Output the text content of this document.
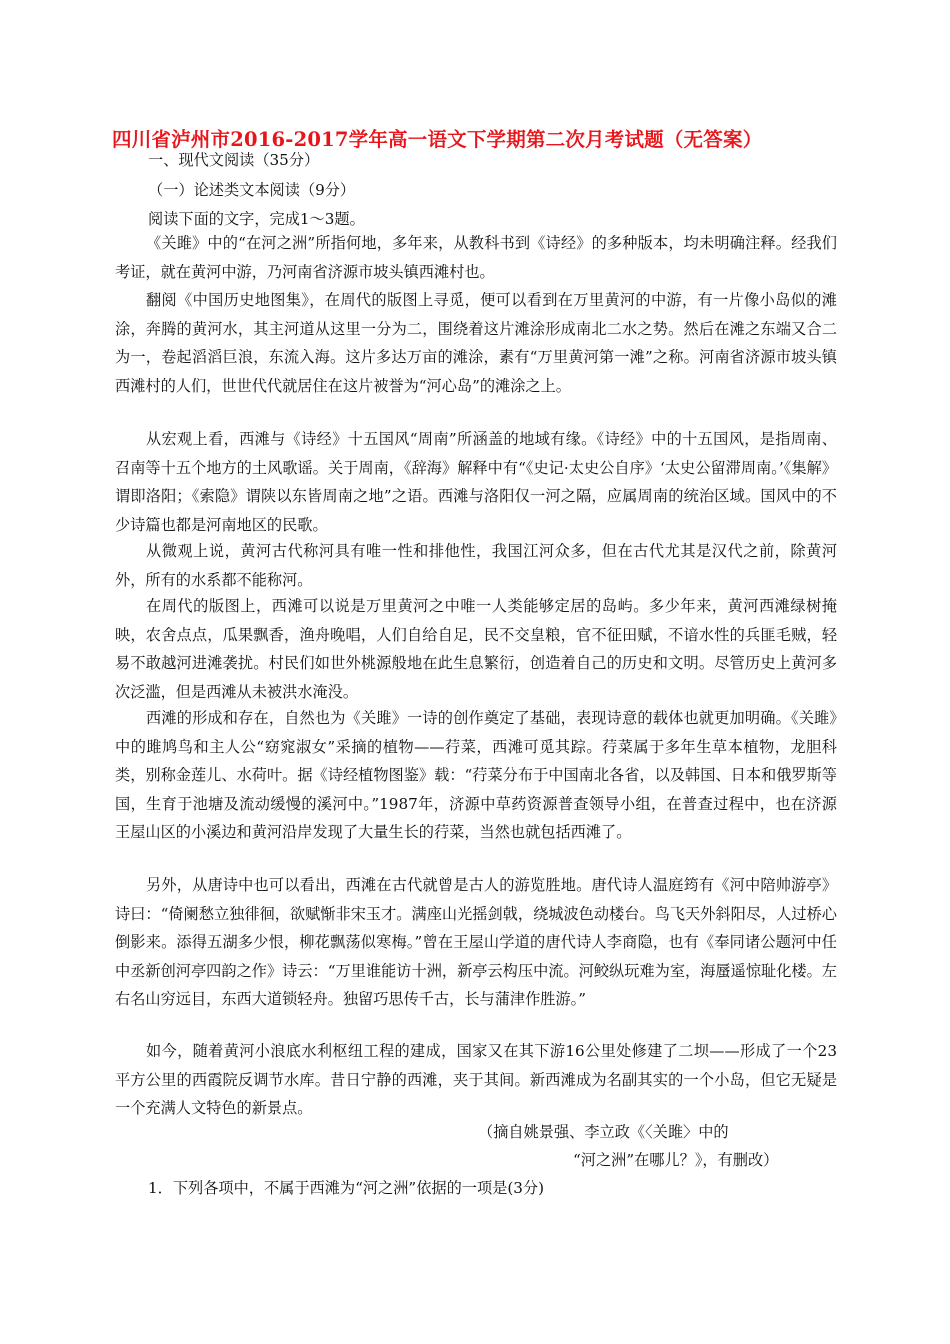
四川省泸州市2016-2017学年高一语文下学期第二次月考试题（无答案）
一、现代文阅读（35分）
（一）论述类文本阅读（9分）
阅读下面的文字，完成1～3题。
《关雎》中的“在河之洲”所指何地，多年来，从教科书到《诗经》的多种版本，均未明确注释。经我们考证，就在黄河中游，乃河南省济源市坡头镇西滩村也。
翻阅《中国历史地图集》，在周代的版图上寻觅，便可以看到在万里黄河的中游，有一片像小岛似的滩涂，奔腾的黄河水，其主河道从这里一分为二，围绕着这片滩涂形成南北二水之势。然后在滩之东端又合二为一，卷起滔滔巨浪，东流入海。这片多达万亩的滩涂，素有“万里黄河第一滩”之称。河南省济源市坡头镇西滩村的人们，世世代代就居住在这片被誉为“河心岛”的滩涂之上。
从宏观上看，西滩与《诗经》十五国风“周南”所涵盖的地域有缘。《诗经》中的十五国风，是指周南、召南等十五个地方的土风歌谣。关于周南，《辞海》解释中有“《史记·太史公自序》‘太史公留滞周南。’《集解》谓即洛阳；《索隐》谓陕以东皆周南之地”之语。西滩与洛阳仅一河之隔，应属周南的统治区域。国风中的不少诗篇也都是河南地区的民歌。
从微观上说，黄河古代称河具有唯一性和排他性，我国江河众多，但在古代尤其是汉代之前，除黄河外，所有的水系都不能称河。
在周代的版图上，西滩可以说是万里黄河之中唯一人类能够定居的岛屿。多少年来，黄河西滩绿树掩映，农舍点点，瓜果飘香，渔舟晚唱，人们自给自足，民不交皇粮，官不征田赋，不谙水性的兵匪毛贼，轻易不敢越河进滩袭扰。村民们如世外桃源般地在此生息繁衍，创造着自己的历史和文明。尽管历史上黄河多次泛滥，但是西滩从未被洪水淹没。
西滩的形成和存在，自然也为《关雎》一诗的创作奠定了基础，表现诗意的载体也就更加明确。《关雎》中的雎鸠鸟和主人公“窈窕淑女”采摘的植物——荇菜，西滩可觅其踪。荇菜属于多年生草本植物，龙胆科类，别称金莲儿、水荷叶。据《诗经植物图鉴》载：“荇菜分布于中国南北各省，以及韩国、日本和俄罗斯等国，生育于池塘及流动缓慢的溪河中。”1987年，济源中草药资源普查领导小组，在普查过程中，也在济源王屋山区的小溪边和黄河沿岸发现了大量生长的荇菜，当然也就包括西滩了。
另外，从唐诗中也可以看出，西滩在古代就曾是古人的游览胜地。唐代诗人温庭筠有《河中陪帅游亭》诗曰：“倚阑愁立独徘徊，欲赋惭非宋玉才。满座山光摇剑戟，绕城波色动楼台。鸟飞天外斜阳尽，人过桥心倒影来。添得五湖多少恨，柳花飘荡似寒梅。”曾在王屋山学道的唐代诗人李商隐，也有《奉同诸公题河中任中丞新创河亭四韵之作》诗云：“万里谁能访十洲，新亭云构压中流。河鲛纵玩难为室，海蜃遥惊耻化楼。左右名山穷远目，东西大道锁轻舟。独留巧思传千古，长与蒲津作胜游。”
如今，随着黄河小浪底水利枢纽工程的建成，国家又在其下游16公里处修建了二坝——形成了一个23平方公里的西霞院反调节水库。昔日宁静的西滩，夹于其间。新西滩成为名副其实的一个小岛，但它无疑是一个充满人文特色的新景点。
（摘自姚景强、李立政《〈关雎〉中的
“河之洲”在哪儿？》，有删改）
1．下列各项中，不属于西滩为“河之洲”依据的一项是(3分)
